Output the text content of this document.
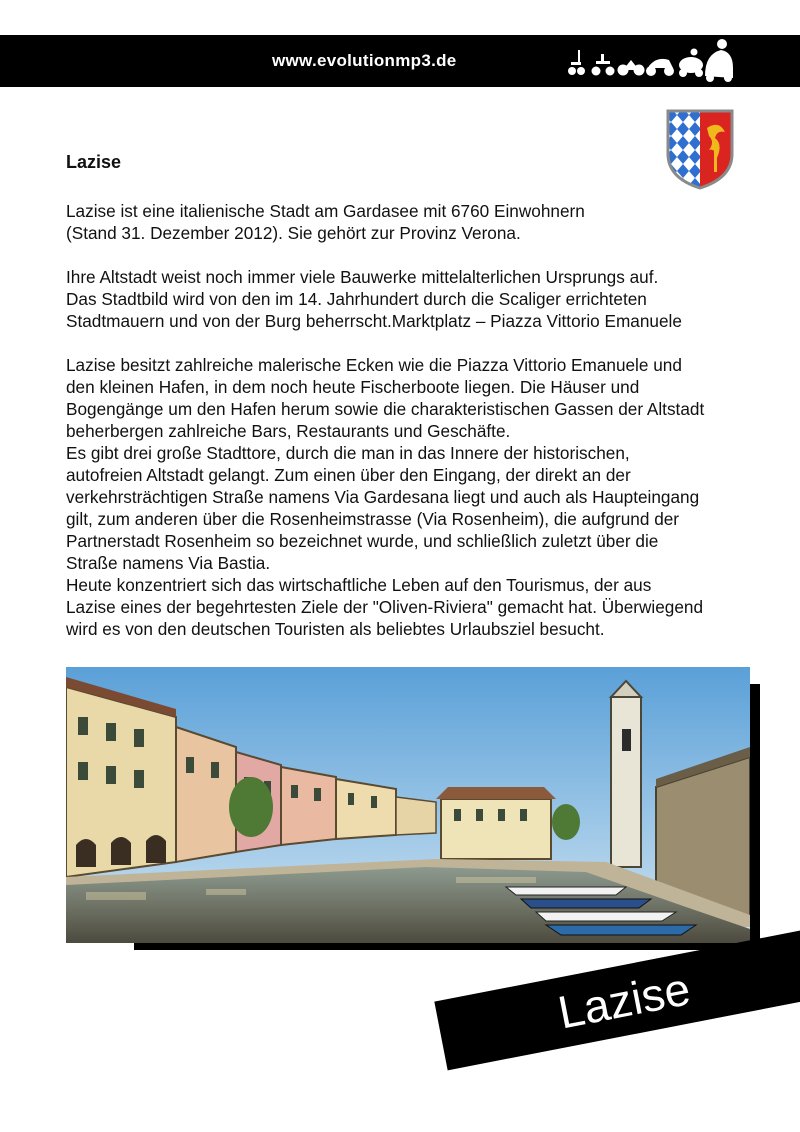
www.evolutionmp3.de
Lazise

Lazise ist eine italienische Stadt am Gardasee mit 6760 Einwohnern
(Stand 31. Dezember 2012). Sie gehört zur Provinz Verona.

Ihre Altstadt weist noch immer viele Bauwerke mittelalterlichen Ursprungs auf.
Das Stadtbild wird von den im 14. Jahrhundert durch die Scaliger errichteten
Stadtmauern und von der Burg beherrscht.Marktplatz – Piazza Vittorio Emanuele

Lazise besitzt zahlreiche malerische Ecken wie die Piazza Vittorio Emanuele und
den kleinen Hafen, in dem noch heute Fischerboote liegen. Die Häuser und
Bogengänge um den Hafen herum sowie die charakteristischen Gassen der Altstadt
beherbergen zahlreiche Bars, Restaurants und Geschäfte.
Es gibt drei große Stadttore, durch die man in das Innere der historischen,
autofreien Altstadt gelangt. Zum einen über den Eingang, der direkt an der
verkehrsträchtigen Straße namens Via Gardesana liegt und auch als Haupteingang
gilt, zum anderen über die Rosenheimstrasse (Via Rosenheim), die aufgrund der
Partnerstadt Rosenheim so bezeichnet wurde, und schließlich zuletzt über die
Straße namens Via Bastia.
Heute konzentriert sich das wirtschaftliche Leben auf den Tourismus, der aus
Lazise eines der begehrtesten Ziele der "Oliven-Riviera" gemacht hat. Überwiegend
wird es von den deutschen Touristen als beliebtes Urlaubsziel besucht.

Lazise
